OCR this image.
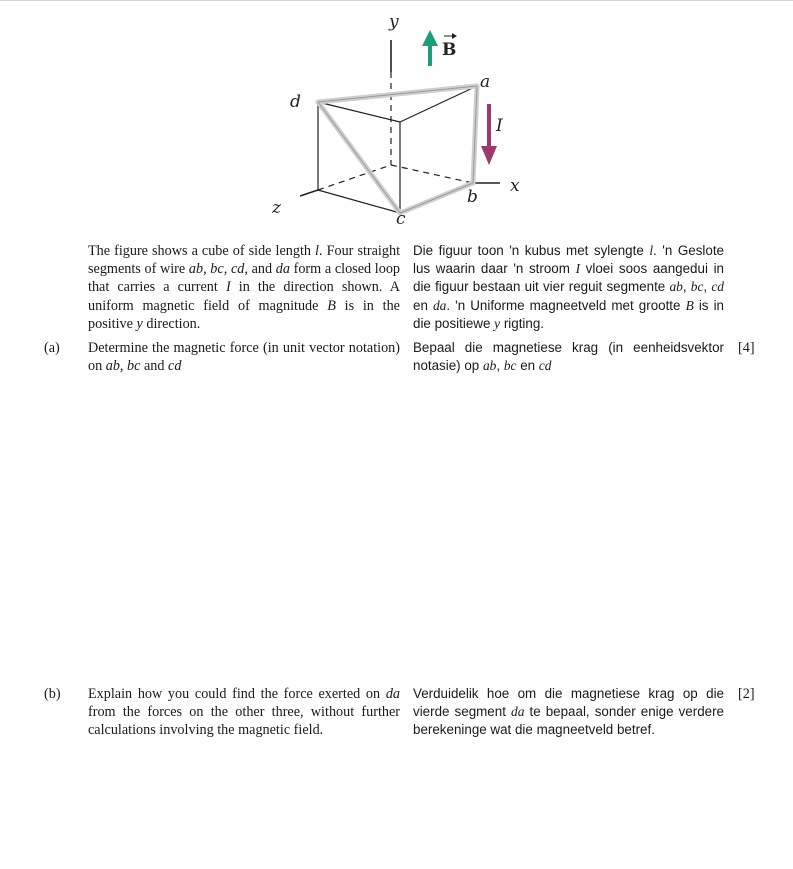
y
a
d
I
x
b
z
c
B
The figure shows a cube of side length l. Four straight segments of wire ab, bc, cd, and da form a closed loop that carries a current I in the direction shown. A uniform magnetic field of magnitude B is in the positive y direction.
Die figuur toon 'n kubus met sylengte l. 'n Geslote lus waarin daar 'n stroom I vloei soos aangedui in die figuur bestaan uit vier reguit segmente ab, bc, cd en da. 'n Uniforme magneetveld met grootte B is in die positiewe y rigting.
(a) Determine the magnetic force (in unit vector notation) on ab, bc and cd
Bepaal die magnetiese krag (in eenheidsvektor notasie) op ab, bc en cd
[4]
(b) Explain how you could find the force exerted on da from the forces on the other three, without further calculations involving the magnetic field.
Verduidelik hoe om die magnetiese krag op die vierde segment da te bepaal, sonder enige verdere berekeninge wat die magneetveld betref.
[2]
